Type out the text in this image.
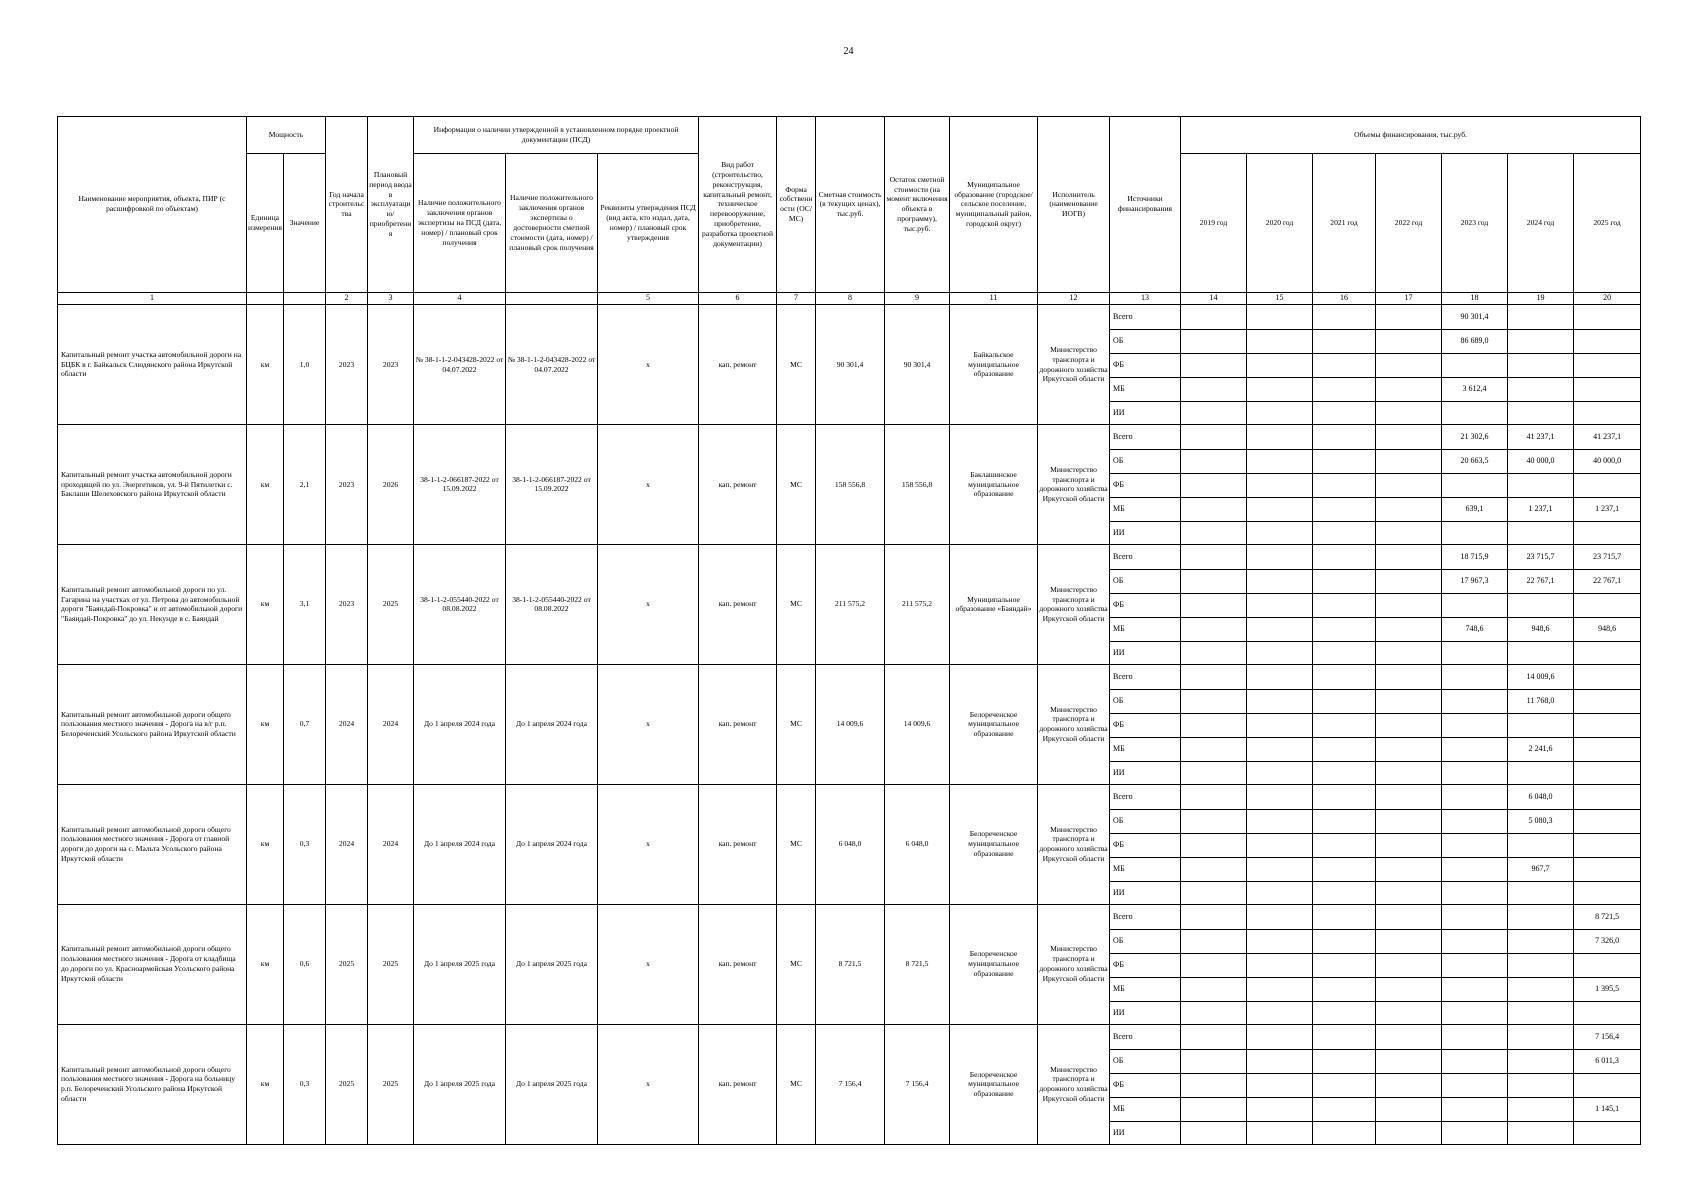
24
Наименование мероприятия, объекта, ПИР (с расшифровкой по объектам)	Мощность		Год начала строительства	Плановый период ввода в эксплуатацию/приобретения	Информация о наличии утвержденной в установленном порядке проектной документации (ПСД)			Вид работ (строительство, реконструкция, капитальный ремонт, техническое перевооружение, приобретение, разработка проектной документации)	Форма собственности (ОС/ МС)	Сметная стоимость (в текущих ценах), тыс.руб.	Остаток сметной стоимости (на момент включения объекта в программу), тыс.руб.	Муниципальное образование (городское/сельское поселение, муниципальный район, городской округ)	Исполнитель (наименование ИОГВ)	Источники финансирования	Объемы финансирования, тыс.руб.						
	Единица измерения	Значение			Наличие положительного заключения органов экспертизы на ПСД (дата, номер) / плановый срок получения	Наличие положительного заключения органов экспертизы о достоверности сметной стоимости (дата, номер) / плановый срок получения	Реквизиты утверждения ПСД (вид акта, кто издал, дата, номер) / плановый срок утверждения								2019 год	2020 год	2021 год	2022 год	2023 год	2024 год	2025 год
1			2	3	4		5	6	7	8	9	11	12	13	14	15	16	17	18	19	20
Капитальный ремонт участка автомобильной дороги на БЦБК в г. Байкальск Слюдянского района Иркутской области	км	1,0	2023	2023	№ 38-1-1-2-043428-2022 от 04.07.2022	№ 38-1-1-2-043428-2022 от 04.07.2022	х	кап. ремонт	МС	90 301,4	90 301,4	Байкальское муниципальное образование	Министерство транспорта и дорожного хозяйства Иркутской области	Всего					90 301,4		
														ОБ					86 689,0		
														ФБ							
														МБ					3 612,4		
														ИИ							
Капитальный ремонт участка автомобильной дороги проходящей по ул. Энергетиков, ул. 9-й Пятилетки с. Баклаши Шелеховского района Иркутской области	км	2,1	2023	2026	38-1-1-2-066187-2022 от 15.09.2022	38-1-1-2-066187-2022 от 15.09.2022	х	кап. ремонт	МС	158 556,8	158 556,8	Баклашинское муниципальное образование	Министерство транспорта и дорожного хозяйства Иркутской области	Всего					21 302,6	41 237,1	41 237,1
														ОБ					20 663,5	40 000,0	40 000,0
														ФБ							
														МБ					639,1	1 237,1	1 237,1
														ИИ							
Капитальный ремонт автомобильной дороги по ул. Гагарина на участках от ул. Петрова до автомобильной дороги "Баяндай-Покровка" и от автомобильной дороги "Баяндай-Покровка" до ул. Некунде в с. Баяндай	км	3,1	2023	2025	38-1-1-2-055440-2022 от 08.08.2022	38-1-1-2-055440-2022 от 08.08.2022	х	кап. ремонт	МС	211 575,2	211 575,2	Муниципальное образование «Баяндай»	Министерство транспорта и дорожного хозяйства Иркутской области	Всего					18 715,9	23 715,7	23 715,7
														ОБ					17 967,3	22 767,1	22 767,1
														ФБ							
														МБ					748,6	948,6	948,6
														ИИ							
Капитальный ремонт автомобильной дороги общего пользования местного значения - Дорога на в/г р.п. Белореченский Усольского района Иркутской области	км	0,7	2024	2024	До 1 апреля 2024 года	До 1 апреля 2024 года	х	кап. ремонт	МС	14 009,6	14 009,6	Белореченское муниципальное образование	Министерство транспорта и дорожного хозяйства Иркутской области	Всего						14 009,6	
														ОБ						11 768,0	
														ФБ							
														МБ						2 241,6	
														ИИ							
Капитальный ремонт автомобильной дороги общего пользования местного значения - Дорога от главной дороги до дороги на с. Мальта Усольского района Иркутской области	км	0,3	2024	2024	До 1 апреля 2024 года	До 1 апреля 2024 года	х	кап. ремонт	МС	6 048,0	6 048,0	Белореченское муниципальное образование	Министерство транспорта и дорожного хозяйства Иркутской области	Всего						6 048,0	
														ОБ						5 080,3	
														ФБ							
														МБ						967,7	
														ИИ							
Капитальный ремонт автомобильной дороги общего пользования местного значения - Дорога от кладбища до дороги по ул. Красноармейская Усольского района Иркутской области	км	0,6	2025	2025	До 1 апреля 2025 года	До 1 апреля 2025 года	х	кап. ремонт	МС	8 721,5	8 721,5	Белореченское муниципальное образование	Министерство транспорта и дорожного хозяйства Иркутской области	Всего							8 721,5
														ОБ							7 326,0
														ФБ							
														МБ							1 395,5
														ИИ							
Капитальный ремонт автомобильной дороги общего пользования местного значения - Дорога на больницу р.п. Белореченский Усольского района Иркутской области	км	0,3	2025	2025	До 1 апреля 2025 года	До 1 апреля 2025 года	х	кап. ремонт	МС	7 156,4	7 156,4	Белореченское муниципальное образование	Министерство транспорта и дорожного хозяйства Иркутской области	Всего							7 156,4
														ОБ							6 011,3
														ФБ							
														МБ							1 145,1
														ИИ							
